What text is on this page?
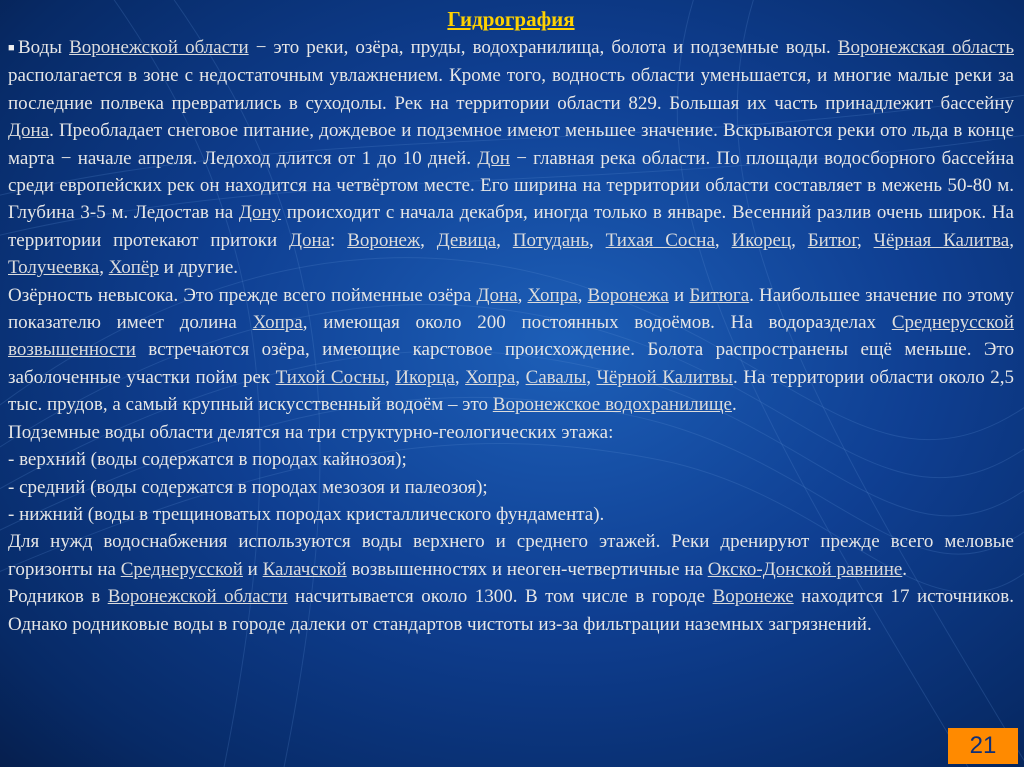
Гидрография

■Воды Воронежской области − это реки, озёра, пруды, водохранилища, болота и подземные воды. Воронежская область располагается в зоне с недостаточным увлажнением. Кроме того, водность области уменьшается, и многие малые реки за последние полвека превратились в суходолы. Рек на территории области 829. Большая их часть принадлежит бассейну Дона. Преобладает снеговое питание, дождевое и подземное имеют меньшее значение. Вскрываются реки ото льда в конце марта − начале апреля. Ледоход длится от 1 до 10 дней. Дон − главная река области. По площади водосборного бассейна среди европейских рек он находится на четвёртом месте. Его ширина на территории области составляет в межень 50-80 м. Глубина 3-5 м. Ледостав на Дону происходит с начала декабря, иногда только в январе. Весенний разлив очень широк. На территории протекают притоки Дона: Воронеж, Девица, Потудань, Тихая Сосна, Икорец, Битюг, Чёрная Калитва, Толучеевка, Хопёр и другие.

Озёрность невысока. Это прежде всего пойменные озёра Дона, Хопра, Воронежа и Битюга. Наибольшее значение по этому показателю имеет долина Хопра, имеющая около 200 постоянных водоёмов. На водоразделах Среднерусской возвышенности встречаются озёра, имеющие карстовое происхождение. Болота распространены ещё меньше. Это заболоченные участки пойм рек Тихой Сосны, Икорца, Хопра, Савалы, Чёрной Калитвы. На территории области около 2,5 тыс. прудов, а самый крупный искусственный водоём – это Воронежское водохранилище.

Подземные воды области делятся на три структурно-геологических этажа:

- верхний (воды содержатся в породах кайнозоя);

- средний (воды содержатся в породах мезозоя и палеозоя);

- нижний (воды в трещиноватых породах кристаллического фундамента).

Для нужд водоснабжения используются воды верхнего и среднего этажей. Реки дренируют прежде всего меловые горизонты на Среднерусской и Калачской возвышенностях и неоген-четвертичные на Окско-Донской равнине.

Родников в Воронежской области насчитывается около 1300. В том числе в городе Воронеже находится 17 источников. Однако родниковые воды в городе далеки от стандартов чистоты из-за фильтрации наземных загрязнений.

21
